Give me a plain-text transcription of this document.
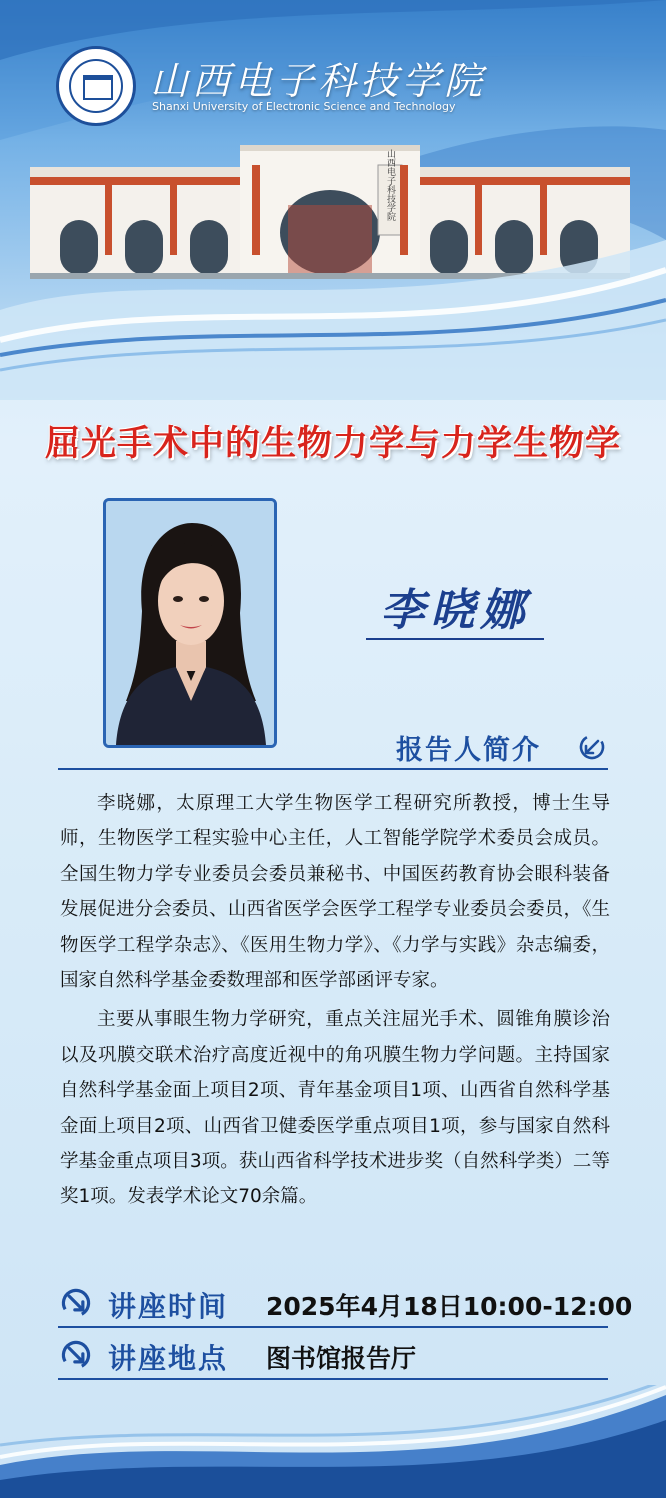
山西电子科技学院
Shanxi University of Electronic Science and Technology
山西电子科技学院
屈光手术中的生物力学与力学生物学
李晓娜
报告人简介

李晓娜，太原理工大学生物医学工程研究所教授，博士生导师，生物医学工程实验中心主任，人工智能学院学术委员会成员。全国生物力学专业委员会委员兼秘书、中国医药教育协会眼科装备发展促进分会委员、山西省医学会医学工程学专业委员会委员，《生物医学工程学杂志》、《医用生物力学》、《力学与实践》杂志编委，国家自然科学基金委数理部和医学部函评专家。

主要从事眼生物力学研究，重点关注屈光手术、圆锥角膜诊治以及巩膜交联术治疗高度近视中的角巩膜生物力学问题。主持国家自然科学基金面上项目2项、青年基金项目1项、山西省自然科学基金面上项目2项、山西省卫健委医学重点项目1项，参与国家自然科学基金重点项目3项。获山西省科学技术进步奖（自然科学类）二等奖1项。发表学术论文70余篇。

讲座时间 2025年4月18日10:00-12:00
讲座地点 图书馆报告厅
